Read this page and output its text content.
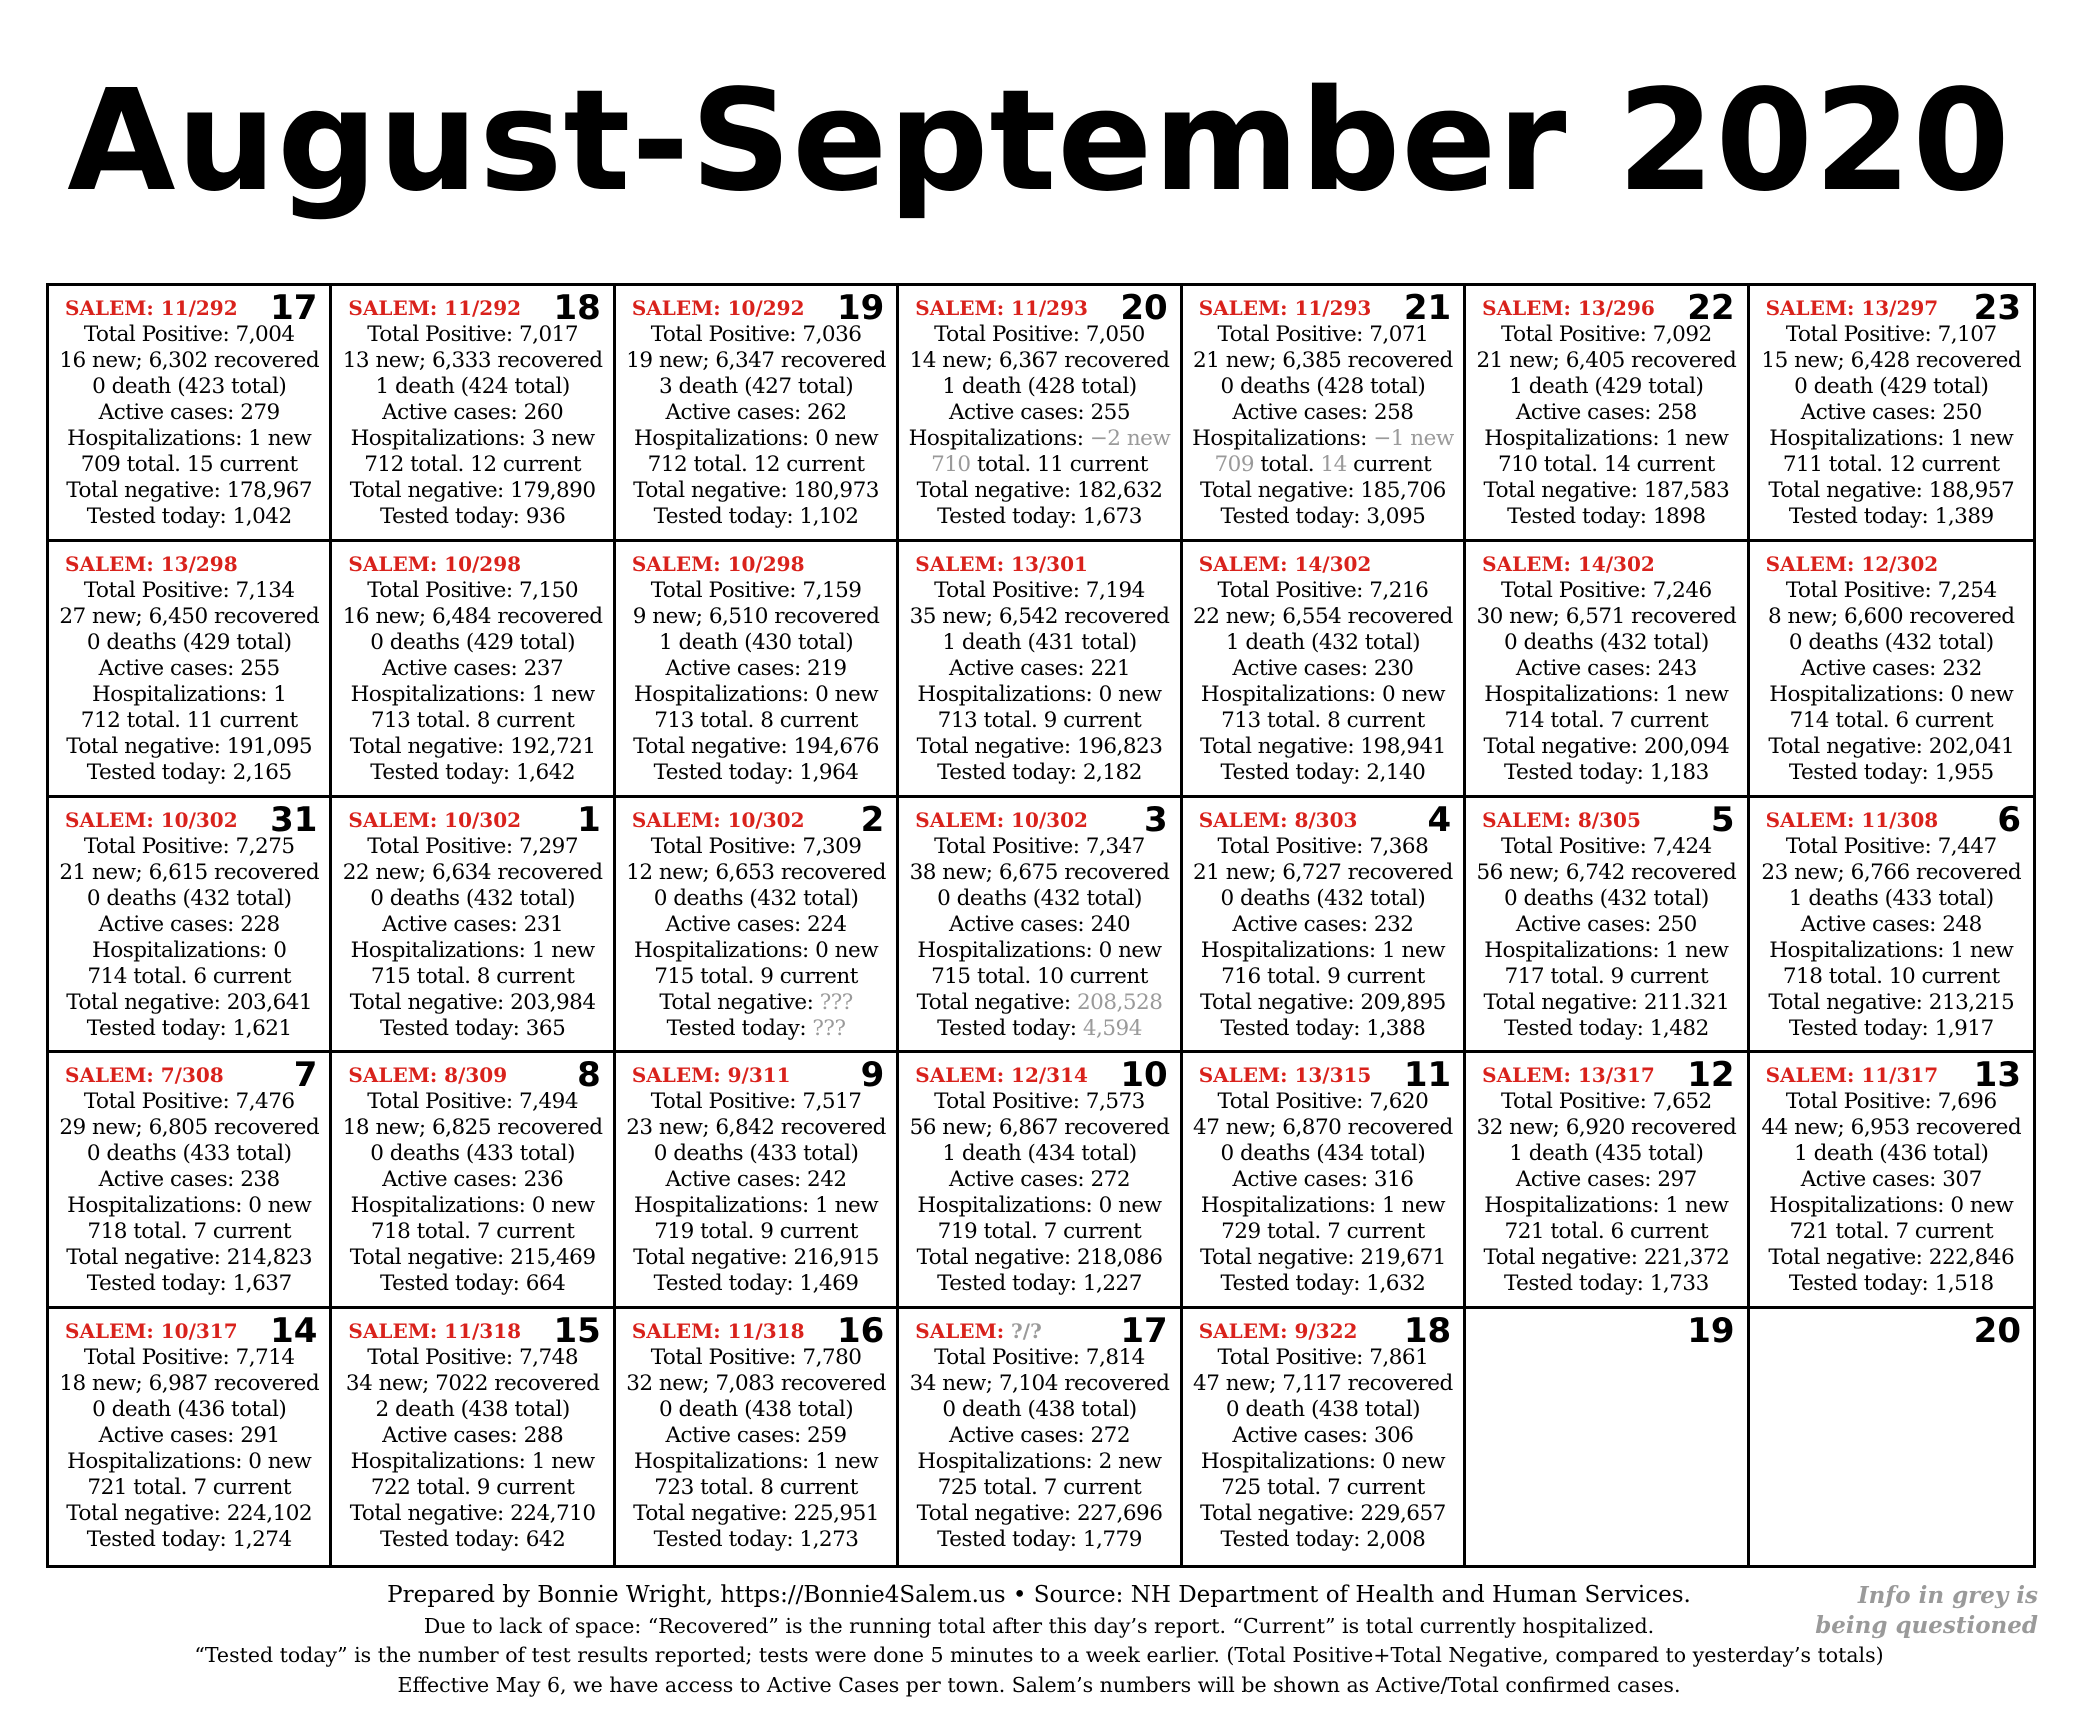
August-September 2020
17
SALEM: 11/292
Total Positive: 7,004
16 new; 6,302 recovered
0 death (423 total)
Active cases: 279
Hospitalizations: 1 new
709 total. 15 current
Total negative: 178,967
Tested today: 1,042
18
SALEM: 11/292
Total Positive: 7,017
13 new; 6,333 recovered
1 death (424 total)
Active cases: 260
Hospitalizations: 3 new
712 total. 12 current
Total negative: 179,890
Tested today: 936
19
SALEM: 10/292
Total Positive: 7,036
19 new; 6,347 recovered
3 death (427 total)
Active cases: 262
Hospitalizations: 0 new
712 total. 12 current
Total negative: 180,973
Tested today: 1,102
20
SALEM: 11/293
Total Positive: 7,050
14 new; 6,367 recovered
1 death (428 total)
Active cases: 255
Hospitalizations: −2 new
710 total. 11 current
Total negative: 182,632
Tested today: 1,673
21
SALEM: 11/293
Total Positive: 7,071
21 new; 6,385 recovered
0 deaths (428 total)
Active cases: 258
Hospitalizations: −1 new
709 total. 14 current
Total negative: 185,706
Tested today: 3,095
22
SALEM: 13/296
Total Positive: 7,092
21 new; 6,405 recovered
1 death (429 total)
Active cases: 258
Hospitalizations: 1 new
710 total. 14 current
Total negative: 187,583
Tested today: 1898
23
SALEM: 13/297
Total Positive: 7,107
15 new; 6,428 recovered
0 death (429 total)
Active cases: 250
Hospitalizations: 1 new
711 total. 12 current
Total negative: 188,957
Tested today: 1,389
SALEM: 13/298
Total Positive: 7,134
27 new; 6,450 recovered
0 deaths (429 total)
Active cases: 255
Hospitalizations: 1
712 total. 11 current
Total negative: 191,095
Tested today: 2,165
SALEM: 10/298
Total Positive: 7,150
16 new; 6,484 recovered
0 deaths (429 total)
Active cases: 237
Hospitalizations: 1 new
713 total. 8 current
Total negative: 192,721
Tested today: 1,642
SALEM: 10/298
Total Positive: 7,159
9 new; 6,510 recovered
1 death (430 total)
Active cases: 219
Hospitalizations: 0 new
713 total. 8 current
Total negative: 194,676
Tested today: 1,964
SALEM: 13/301
Total Positive: 7,194
35 new; 6,542 recovered
1 death (431 total)
Active cases: 221
Hospitalizations: 0 new
713 total. 9 current
Total negative: 196,823
Tested today: 2,182
SALEM: 14/302
Total Positive: 7,216
22 new; 6,554 recovered
1 death (432 total)
Active cases: 230
Hospitalizations: 0 new
713 total. 8 current
Total negative: 198,941
Tested today: 2,140
SALEM: 14/302
Total Positive: 7,246
30 new; 6,571 recovered
0 deaths (432 total)
Active cases: 243
Hospitalizations: 1 new
714 total. 7 current
Total negative: 200,094
Tested today: 1,183
SALEM: 12/302
Total Positive: 7,254
8 new; 6,600 recovered
0 deaths (432 total)
Active cases: 232
Hospitalizations: 0 new
714 total. 6 current
Total negative: 202,041
Tested today: 1,955
31
SALEM: 10/302
Total Positive: 7,275
21 new; 6,615 recovered
0 deaths (432 total)
Active cases: 228
Hospitalizations: 0
714 total. 6 current
Total negative: 203,641
Tested today: 1,621
1
SALEM: 10/302
Total Positive: 7,297
22 new; 6,634 recovered
0 deaths (432 total)
Active cases: 231
Hospitalizations: 1 new
715 total. 8 current
Total negative: 203,984
Tested today: 365
2
SALEM: 10/302
Total Positive: 7,309
12 new; 6,653 recovered
0 deaths (432 total)
Active cases: 224
Hospitalizations: 0 new
715 total. 9 current
Total negative: ???
Tested today: ???
3
SALEM: 10/302
Total Positive: 7,347
38 new; 6,675 recovered
0 deaths (432 total)
Active cases: 240
Hospitalizations: 0 new
715 total. 10 current
Total negative: 208,528
Tested today: 4,594
4
SALEM: 8/303
Total Positive: 7,368
21 new; 6,727 recovered
0 deaths (432 total)
Active cases: 232
Hospitalizations: 1 new
716 total. 9 current
Total negative: 209,895
Tested today: 1,388
5
SALEM: 8/305
Total Positive: 7,424
56 new; 6,742 recovered
0 deaths (432 total)
Active cases: 250
Hospitalizations: 1 new
717 total. 9 current
Total negative: 211.321
Tested today: 1,482
6
SALEM: 11/308
Total Positive: 7,447
23 new; 6,766 recovered
1 deaths (433 total)
Active cases: 248
Hospitalizations: 1 new
718 total. 10 current
Total negative: 213,215
Tested today: 1,917
7
SALEM: 7/308
Total Positive: 7,476
29 new; 6,805 recovered
0 deaths (433 total)
Active cases: 238
Hospitalizations: 0 new
718 total. 7 current
Total negative: 214,823
Tested today: 1,637
8
SALEM: 8/309
Total Positive: 7,494
18 new; 6,825 recovered
0 deaths (433 total)
Active cases: 236
Hospitalizations: 0 new
718 total. 7 current
Total negative: 215,469
Tested today: 664
9
SALEM: 9/311
Total Positive: 7,517
23 new; 6,842 recovered
0 deaths (433 total)
Active cases: 242
Hospitalizations: 1 new
719 total. 9 current
Total negative: 216,915
Tested today: 1,469
10
SALEM: 12/314
Total Positive: 7,573
56 new; 6,867 recovered
1 death (434 total)
Active cases: 272
Hospitalizations: 0 new
719 total. 7 current
Total negative: 218,086
Tested today: 1,227
11
SALEM: 13/315
Total Positive: 7,620
47 new; 6,870 recovered
0 deaths (434 total)
Active cases: 316
Hospitalizations: 1 new
729 total. 7 current
Total negative: 219,671
Tested today: 1,632
12
SALEM: 13/317
Total Positive: 7,652
32 new; 6,920 recovered
1 death (435 total)
Active cases: 297
Hospitalizations: 1 new
721 total. 6 current
Total negative: 221,372
Tested today: 1,733
13
SALEM: 11/317
Total Positive: 7,696
44 new; 6,953 recovered
1 death (436 total)
Active cases: 307
Hospitalizations: 0 new
721 total. 7 current
Total negative: 222,846
Tested today: 1,518
14
SALEM: 10/317
Total Positive: 7,714
18 new; 6,987 recovered
0 death (436 total)
Active cases: 291
Hospitalizations: 0 new
721 total. 7 current
Total negative: 224,102
Tested today: 1,274
15
SALEM: 11/318
Total Positive: 7,748
34 new; 7022 recovered
2 death (438 total)
Active cases: 288
Hospitalizations: 1 new
722 total. 9 current
Total negative: 224,710
Tested today: 642
16
SALEM: 11/318
Total Positive: 7,780
32 new; 7,083 recovered
0 death (438 total)
Active cases: 259
Hospitalizations: 1 new
723 total. 8 current
Total negative: 225,951
Tested today: 1,273
17
SALEM: ?/?
Total Positive: 7,814
34 new; 7,104 recovered
0 death (438 total)
Active cases: 272
Hospitalizations: 2 new
725 total. 7 current
Total negative: 227,696
Tested today: 1,779
18
SALEM: 9/322
Total Positive: 7,861
47 new; 7,117 recovered
0 death (438 total)
Active cases: 306
Hospitalizations: 0 new
725 total. 7 current
Total negative: 229,657
Tested today: 2,008
19	20
Prepared by Bonnie Wright, https://Bonnie4Salem.us • Source: NH Department of Health and Human Services.
Due to lack of space: “Recovered” is the running total after this day’s report. “Current” is total currently hospitalized.
“Tested today” is the number of test results reported; tests were done 5 minutes to a week earlier. (Total Positive+Total Negative, compared to yesterday’s totals)
Effective May 6, we have access to Active Cases per town. Salem’s numbers will be shown as Active/Total confirmed cases.
Info in grey is
being questioned
